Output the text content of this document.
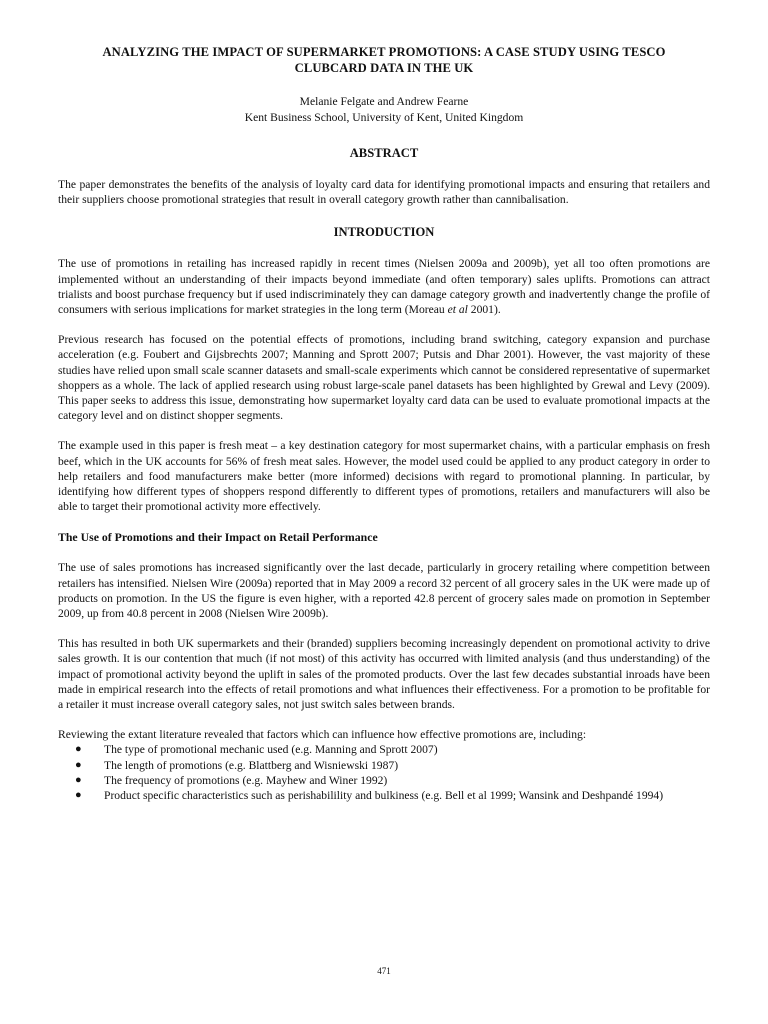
ANALYZING THE IMPACT OF SUPERMARKET PROMOTIONS: A CASE STUDY USING TESCO
CLUBCARD DATA IN THE UK
Melanie Felgate and Andrew Fearne
Kent Business School, University of Kent, United Kingdom
ABSTRACT

The paper demonstrates the benefits of the analysis of loyalty card data for identifying promotional impacts and ensuring that retailers and their suppliers choose promotional strategies that result in overall category growth rather than cannibalisation.

INTRODUCTION

The use of promotions in retailing has increased rapidly in recent times (Nielsen 2009a and 2009b), yet all too often promotions are implemented without an understanding of their impacts beyond immediate (and often temporary) sales uplifts. Promotions can attract trialists and boost purchase frequency but if used indiscriminately they can damage category growth and inadvertently change the profile of consumers with serious implications for market strategies in the long term (Moreau et al 2001).

Previous research has focused on the potential effects of promotions, including brand switching, category expansion and purchase acceleration (e.g. Foubert and Gijsbrechts 2007; Manning and Sprott 2007; Putsis and Dhar 2001). However, the vast majority of these studies have relied upon small scale scanner datasets and small-scale experiments which cannot be considered representative of supermarket shoppers as a whole. The lack of applied research using robust large-scale panel datasets has been highlighted by Grewal and Levy (2009). This paper seeks to address this issue, demonstrating how supermarket loyalty card data can be used to evaluate promotional impacts at the category level and on distinct shopper segments.

The example used in this paper is fresh meat – a key destination category for most supermarket chains, with a particular emphasis on fresh beef, which in the UK accounts for 56% of fresh meat sales. However, the model used could be applied to any product category in order to help retailers and food manufacturers make better (more informed) decisions with regard to promotional planning. In particular, by identifying how different types of shoppers respond differently to different types of promotions, retailers and manufacturers will also be able to target their promotional activity more effectively.

The Use of Promotions and their Impact on Retail Performance

The use of sales promotions has increased significantly over the last decade, particularly in grocery retailing where competition between retailers has intensified. Nielsen Wire (2009a) reported that in May 2009 a record 32 percent of all grocery sales in the UK were made up of products on promotion. In the US the figure is even higher, with a reported 42.8 percent of grocery sales made on promotion in September 2009, up from 40.8 percent in 2008 (Nielsen Wire 2009b).

This has resulted in both UK supermarkets and their (branded) suppliers becoming increasingly dependent on promotional activity to drive sales growth. It is our contention that much (if not most) of this activity has occurred with limited analysis (and thus understanding) of the impact of promotional activity beyond the uplift in sales of the promoted products. Over the last few decades substantial inroads have been made in empirical research into the effects of retail promotions and what influences their effectiveness. For a promotion to be profitable for a retailer it must increase overall category sales, not just switch sales between brands.

Reviewing the extant literature revealed that factors which can influence how effective promotions are, including:

● The type of promotional mechanic used (e.g. Manning and Sprott 2007)
● The length of promotions (e.g. Blattberg and Wisniewski 1987)
● The frequency of promotions (e.g. Mayhew and Winer 1992)
● Product specific characteristics such as perishabilility and bulkiness (e.g. Bell et al 1999; Wansink and Deshpandé 1994)
471
